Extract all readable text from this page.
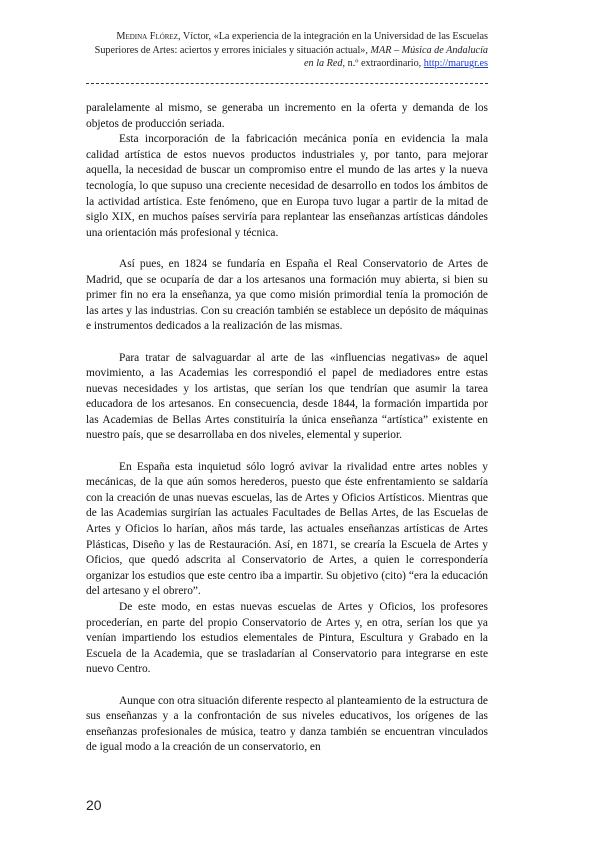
Medina Flórez, Víctor, «La experiencia de la integración en la Universidad de las Escuelas Superiores de Artes: aciertos y errores iniciales y situación actual», MAR – Música de Andalucía en la Red, n.º extraordinario, http://marugr.es

paralelamente al mismo, se generaba un incremento en la oferta y demanda de los objetos de producción seriada.

Esta incorporación de la fabricación mecánica ponía en evidencia la mala calidad artística de estos nuevos productos industriales y, por tanto, para mejorar aquella, la necesidad de buscar un compromiso entre el mundo de las artes y la nueva tecnología, lo que supuso una creciente necesidad de desarrollo en todos los ámbitos de la actividad artística. Este fenómeno, que en Europa tuvo lugar a partir de la mitad de siglo XIX, en muchos países serviría para replantear las enseñanzas artísticas dándoles una orientación más profesional y técnica.

Así pues, en 1824 se fundaría en España el Real Conservatorio de Artes de Madrid, que se ocuparía de dar a los artesanos una formación muy abierta, si bien su primer fin no era la enseñanza, ya que como misión primordial tenía la promoción de las artes y las industrias. Con su creación también se establece un depósito de máquinas e instrumentos dedicados a la realización de las mismas.

Para tratar de salvaguardar al arte de las «influencias negativas» de aquel movimiento, a las Academias les correspondió el papel de mediadores entre estas nuevas necesidades y los artistas, que serían los que tendrían que asumir la tarea educadora de los artesanos. En consecuencia, desde 1844, la formación impartida por las Academias de Bellas Artes constituiría la única enseñanza “artística” existente en nuestro país, que se desarrollaba en dos niveles, elemental y superior.

En España esta inquietud sólo logró avivar la rivalidad entre artes nobles y mecánicas, de la que aún somos herederos, puesto que éste enfrentamiento se saldaría con la creación de unas nuevas escuelas, las de Artes y Oficios Artísticos. Mientras que de las Academias surgirían las actuales Facultades de Bellas Artes, de las Escuelas de Artes y Oficios lo harían, años más tarde, las actuales enseñanzas artísticas de Artes Plásticas, Diseño y las de Restauración. Así, en 1871, se crearía la Escuela de Artes y Oficios, que quedó adscrita al Conservatorio de Artes, a quien le correspondería organizar los estudios que este centro iba a impartir. Su objetivo (cito) “era la educación del artesano y el obrero”.

De este modo, en estas nuevas escuelas de Artes y Oficios, los profesores procederían, en parte del propio Conservatorio de Artes y, en otra, serían los que ya venían impartiendo los estudios elementales de Pintura, Escultura y Grabado en la Escuela de la Academia, que se trasladarían al Conservatorio para integrarse en este nuevo Centro.

Aunque con otra situación diferente respecto al planteamiento de la estructura de sus enseñanzas y a la confrontación de sus niveles educativos, los orígenes de las enseñanzas profesionales de música, teatro y danza también se encuentran vinculados de igual modo a la creación de un conservatorio, en

20
